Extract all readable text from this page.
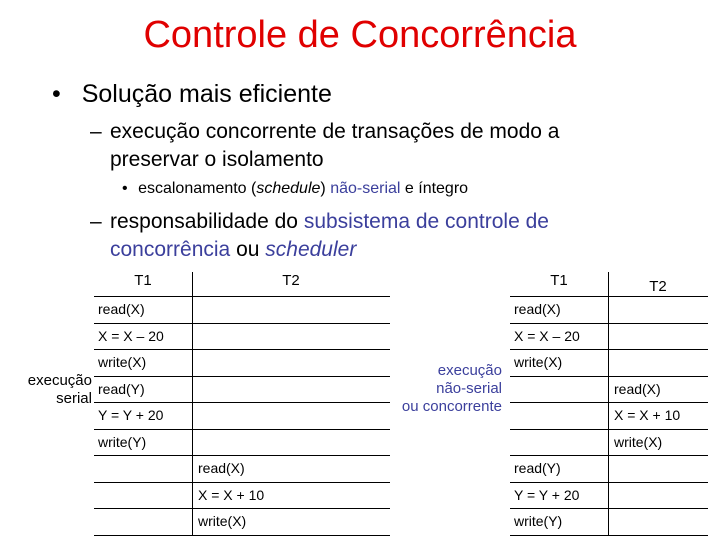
Controle de Concorrência
• Solução mais eficiente
– execução concorrente de transações de modo a
preservar o isolamento
• escalonamento (schedule) não-serial e íntegro
– responsabilidade do subsistema de controle de
concorrência ou scheduler
execução
serial
T1	T2
read(X)
X = X – 20
write(X)
read(Y)
Y = Y + 20
write(Y)
read(X)
X = X + 10
write(X)
execução
não-serial
ou concorrente
T1	T2
read(X)
X = X – 20
write(X)
read(X)
X = X + 10
write(X)
read(Y)
Y = Y + 20
write(Y)
